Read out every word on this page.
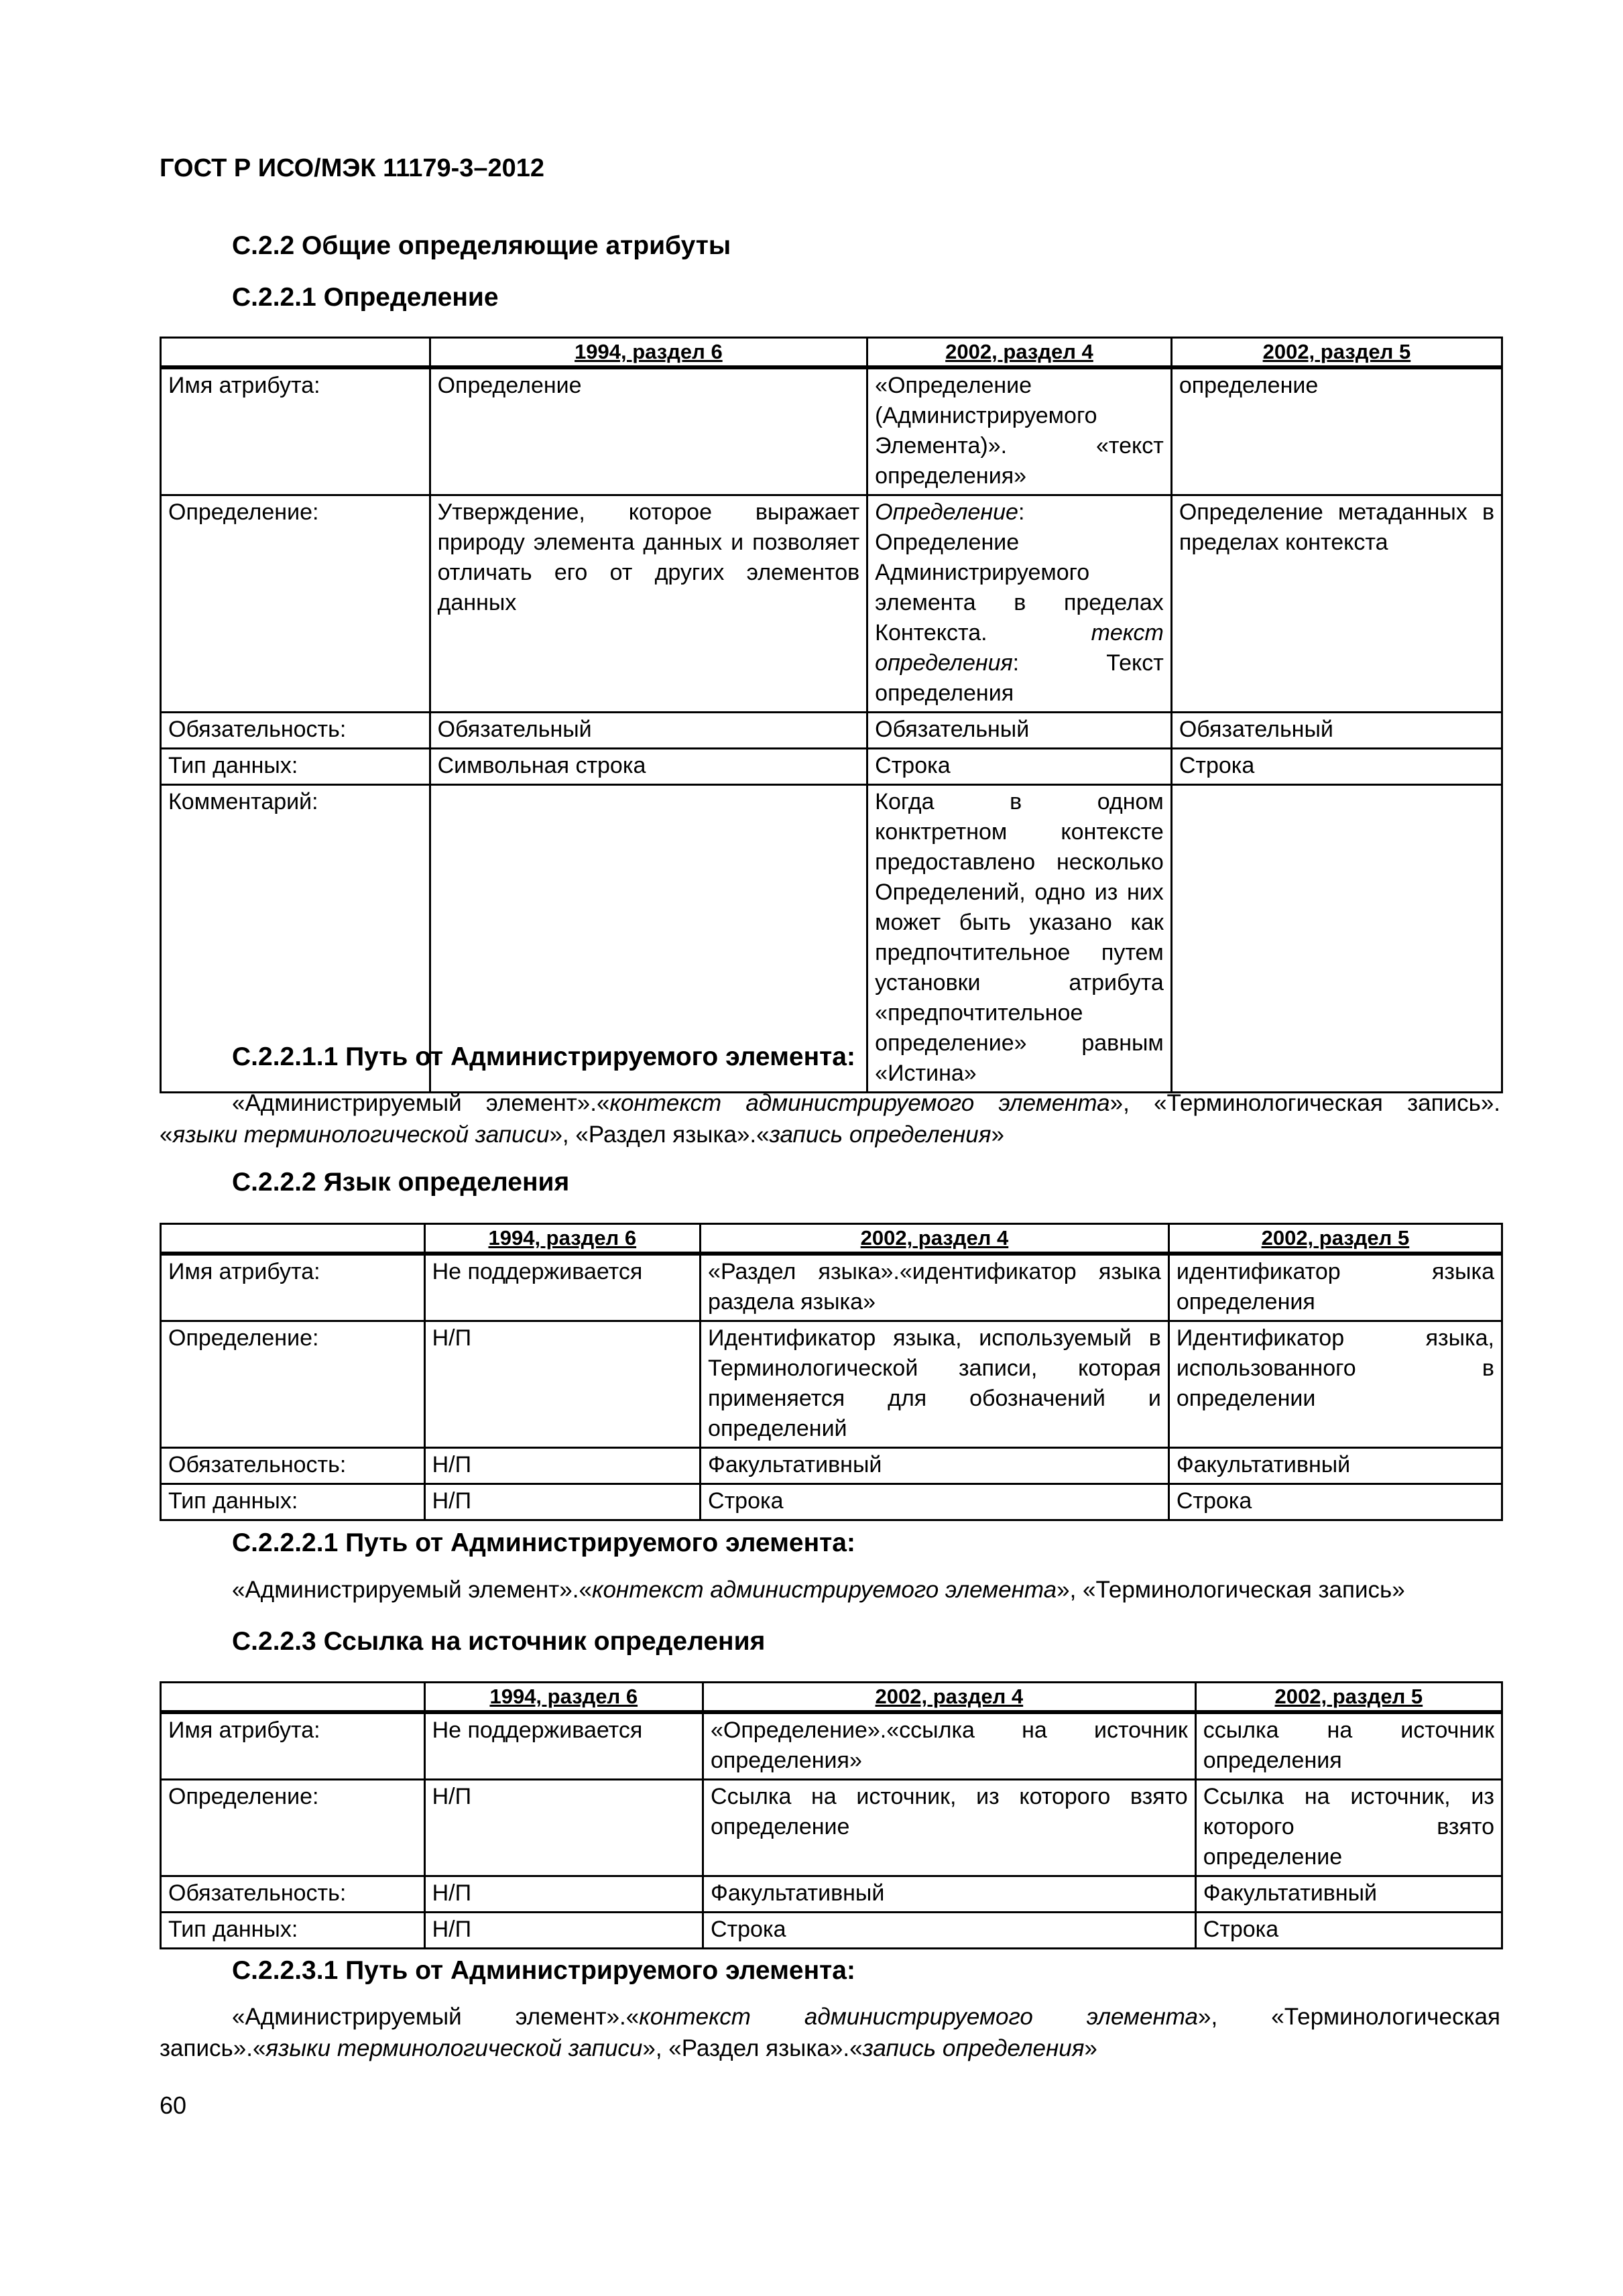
ГОСТ Р ИСО/МЭК 11179-3–2012
C.2.2 Общие определяющие атрибуты
C.2.2.1 Определение
	1994, раздел 6	2002, раздел 4	2002, раздел 5
Имя атрибута:	Определение	«Определение (Администрируемого Элемента)». «текст определения»	определение
Определение:	Утверждение, которое выражает природу элемента данных и позволяет отличать его от других элементов данных	Определение: Определение Администрируемого элемента в пределах Контекста. текст определения: Текст определения	Определение метаданных в пределах контекста
Обязательность:	Обязательный	Обязательный	Обязательный
Тип данных:	Символьная строка	Строка	Строка
Комментарий:		Когда в одном конктретном контексте предоставлено несколько Определений, одно из них может быть указано как предпочтительное путем установки атрибута «предпочтительное определение» равным «Истина»	
C.2.2.1.1 Путь от Администрируемого элемента:
«Администрируемый элемент».«контекст администрируемого элемента», «Терминологическая запись».
«языки терминологической записи», «Раздел языка».«запись определения»
C.2.2.2 Язык определения
	1994, раздел 6	2002, раздел 4	2002, раздел 5
Имя атрибута:	Не поддерживается	«Раздел языка».«идентификатор языка раздела языка»	идентификатор языка определения
Определение:	Н/П	Идентификатор языка, используемый в Терминологической записи, которая применяется для обозначений и определений	Идентификатор языка, использованного в определении
Обязательность:	Н/П	Факультативный	Факультативный
Тип данных:	Н/П	Строка	Строка
C.2.2.2.1 Путь от Администрируемого элемента:
«Администрируемый элемент».«контекст администрируемого элемента», «Терминологическая запись»
C.2.2.3 Ссылка на источник определения
	1994, раздел 6	2002, раздел 4	2002, раздел 5
Имя атрибута:	Не поддерживается	«Определение».«ссылка на источник определения»	ссылка на источник определения
Определение:	Н/П	Ссылка на источник, из которого взято определение	Ссылка на источник, из которого взято определение
Обязательность:	Н/П	Факультативный	Факультативный
Тип данных:	Н/П	Строка	Строка
C.2.2.3.1 Путь от Администрируемого элемента:
«Администрируемый элемент».«контекст администрируемого элемента», «Терминологическая
запись».«языки терминологической записи», «Раздел языка».«запись определения»
60
